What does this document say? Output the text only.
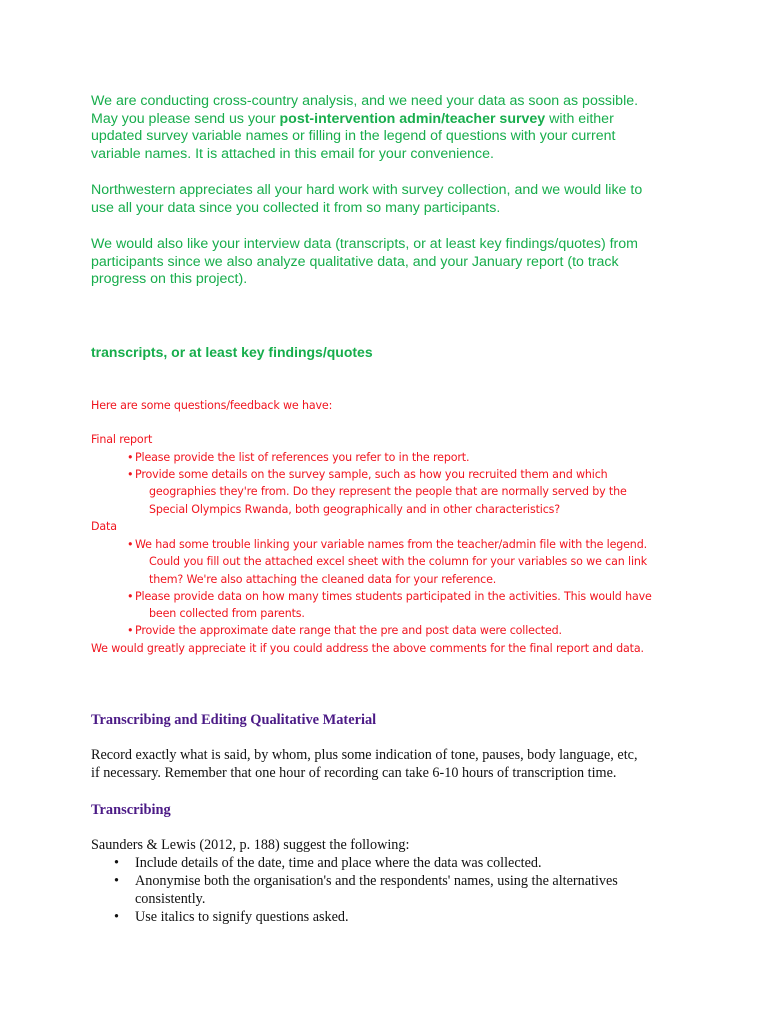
We are conducting cross-country analysis, and we need your data as soon as possible.
May you please send us your post-intervention admin/teacher survey with either
updated survey variable names or filling in the legend of questions with your current
variable names. It is attached in this email for your convenience.

Northwestern appreciates all your hard work with survey collection, and we would like to
use all your data since you collected it from so many participants.

We would also like your interview data (transcripts, or at least key findings/quotes) from
participants since we also analyze qualitative data, and your January report (to track
progress on this project).

transcripts, or at least key findings/quotes

Here are some questions/feedback we have:

Final report

• Please provide the list of references you refer to in the report.

• Provide some details on the survey sample, such as how you recruited them and which
geographies they're from. Do they represent the people that are normally served by the
Special Olympics Rwanda, both geographically and in other characteristics?

Data

• We had some trouble linking your variable names from the teacher/admin file with the legend.
Could you fill out the attached excel sheet with the column for your variables so we can link
them? We're also attaching the cleaned data for your reference.

• Please provide data on how many times students participated in the activities. This would have
been collected from parents.

• Provide the approximate date range that the pre and post data were collected.

We would greatly appreciate it if you could address the above comments for the final report and data.

Transcribing and Editing Qualitative Material

Record exactly what is said, by whom, plus some indication of tone, pauses, body language, etc,
if necessary. Remember that one hour of recording can take 6-10 hours of transcription time.

Transcribing

Saunders & Lewis (2012, p. 188) suggest the following:

• Include details of the date, time and place where the data was collected.

• Anonymise both the organisation's and the respondents' names, using the alternatives
consistently.

• Use italics to signify questions asked.
